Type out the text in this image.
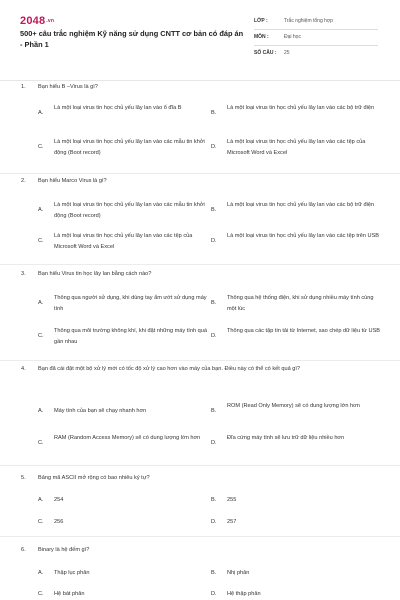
2048.vn
500+ câu trắc nghiệm Kỹ năng sử dụng CNTT cơ bản có đáp án - Phần 1
LỚP :	Trắc nghiệm tổng hợp
MÔN :	Đại học
SỐ CÂU : 25
1. Bạn hiểu B –Virus là gì?
A.
Là một loại virus tin học chủ yếu lây lan vào ổ đĩa B
B.
Là một loại virus tin học chủ yếu lây lan vào các bộ trữ điện
C.
Là một loại virus tin học chủ yếu lây lan vào các mẫu tin khởi động (Boot record)
D.
Là một loại virus tin học chủ yếu lây lan vào các tệp của Microsoft Word và Excel
2. Bạn hiểu Marco Virus là gì?
A.
Là một loại virus tin học chủ yếu lây lan vào các mẫu tin khởi động (Boot record)
B.
Là một loại virus tin học chủ yếu lây lan vào các bộ trữ điện
C.
Là một loại virus tin học chủ yếu lây lan vào các tệp của Microsoft Word và Excel
D.
Là một loại virus tin học chủ yếu lây lan vào các tệp trên USB
3. Bạn hiểu Virus tin học lây lan bằng cách nào?
A.
Thông qua người sử dụng, khi dùng tay ẩm ướt sử dụng máy tính
B.
Thông qua hệ thống điện, khi sử dụng nhiều máy tính cùng một lúc
C.
Thông qua môi trường không khí, khi đặt những máy tính quá gần nhau
D.
Thông qua các tập tin tải từ Internet, sao chép dữ liệu từ USB
4. Bạn đã cài đặt một bộ xử lý mới có tốc độ xử lý cao hơn vào máy của bạn. Điều này có thể có kết quả gì?
A. Máy tính của bạn sẽ chạy nhanh hơn	B.
ROM (Read Only Memory) sẽ có dung lượng lớn hơn
C.
RAM (Random Access Memory) sẽ có dung lượng lớn hơn
D.
Đĩa cứng máy tính sẽ lưu trữ dữ liệu nhiều hơn
5. Bảng mã ASCII mở rộng có bao nhiêu ký tự?
A. 254	B. 255
C. 256	D. 257
6. Binary là hệ đếm gì?
A. Thập lục phân	B. Nhị phân
C. Hệ bát phân	D. Hệ thập phân
